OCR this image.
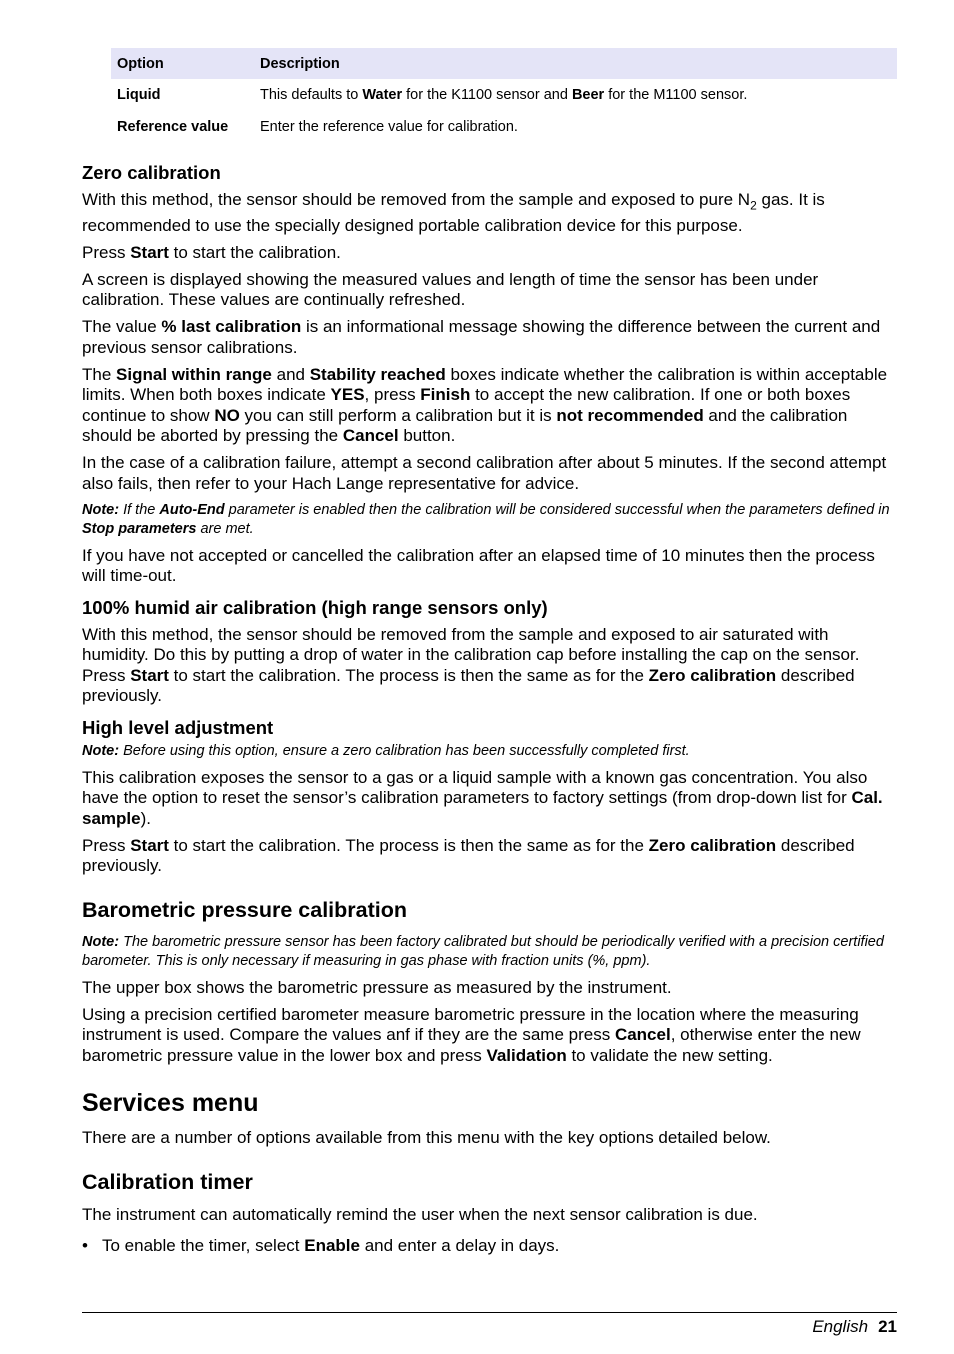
Option	Description
Liquid	This defaults to Water for the K1100 sensor and Beer for the M1100 sensor.
Reference value	Enter the reference value for calibration.
Zero calibration

With this method, the sensor should be removed from the sample and exposed to pure $N_2$ gas. It is recommended to use the specially designed portable calibration device for this purpose.

Press Start to start the calibration.

A screen is displayed showing the measured values and length of time the sensor has been under calibration. These values are continually refreshed.

The value % last calibration is an informational message showing the difference between the current and previous sensor calibrations.

The Signal within range and Stability reached boxes indicate whether the calibration is within acceptable limits. When both boxes indicate YES, press Finish to accept the new calibration. If one or both boxes continue to show NO you can still perform a calibration but it is not recommended and the calibration should be aborted by pressing the Cancel button.

In the case of a calibration failure, attempt a second calibration after about 5 minutes. If the second attempt also fails, then refer to your Hach Lange representative for advice.

Note: If the Auto-End parameter is enabled then the calibration will be considered successful when the parameters defined in Stop parameters are met.

If you have not accepted or cancelled the calibration after an elapsed time of 10 minutes then the process will time-out.

100% humid air calibration (high range sensors only)

With this method, the sensor should be removed from the sample and exposed to air saturated with humidity. Do this by putting a drop of water in the calibration cap before installing the cap on the sensor. Press Start to start the calibration. The process is then the same as for the Zero calibration described previously.

High level adjustment

Note: Before using this option, ensure a zero calibration has been successfully completed first.

This calibration exposes the sensor to a gas or a liquid sample with a known gas concentration. You also have the option to reset the sensor’s calibration parameters to factory settings (from drop-down list for Cal. sample).

Press Start to start the calibration. The process is then the same as for the Zero calibration described previously.

Barometric pressure calibration

Note: The barometric pressure sensor has been factory calibrated but should be periodically verified with a precision certified barometer. This is only necessary if measuring in gas phase with fraction units (%, ppm).

The upper box shows the barometric pressure as measured by the instrument.

Using a precision certified barometer measure barometric pressure in the location where the measuring instrument is used. Compare the values anf if they are the same press Cancel, otherwise enter the new barometric pressure value in the lower box and press Validation to validate the new setting.

Services menu

There are a number of options available from this menu with the key options detailed below.

Calibration timer

The instrument can automatically remind the user when the next sensor calibration is due.

• To enable the timer, select Enable and enter a delay in days.
English 21
